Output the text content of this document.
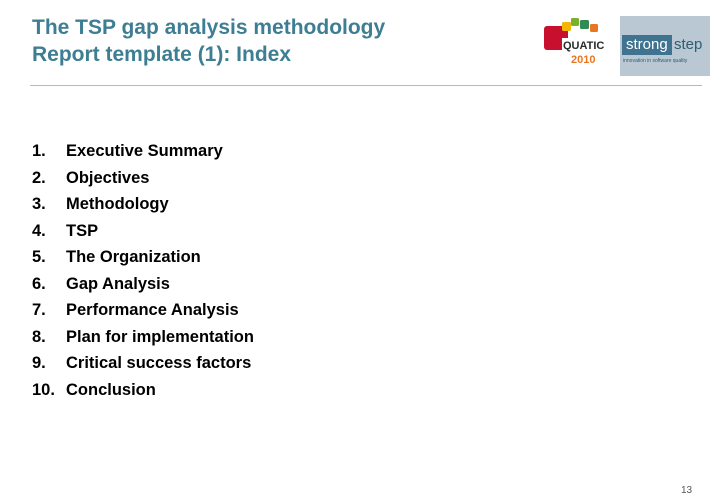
The TSP gap analysis methodology
Report template (1): Index	QUATIC
2010
strong step
innovation in software quality
1. Executive Summary
2. Objectives
3. Methodology
4. TSP
5. The Organization
6. Gap Analysis
7. Performance Analysis
8. Plan for implementation
9. Critical success factors
10. Conclusion
13
